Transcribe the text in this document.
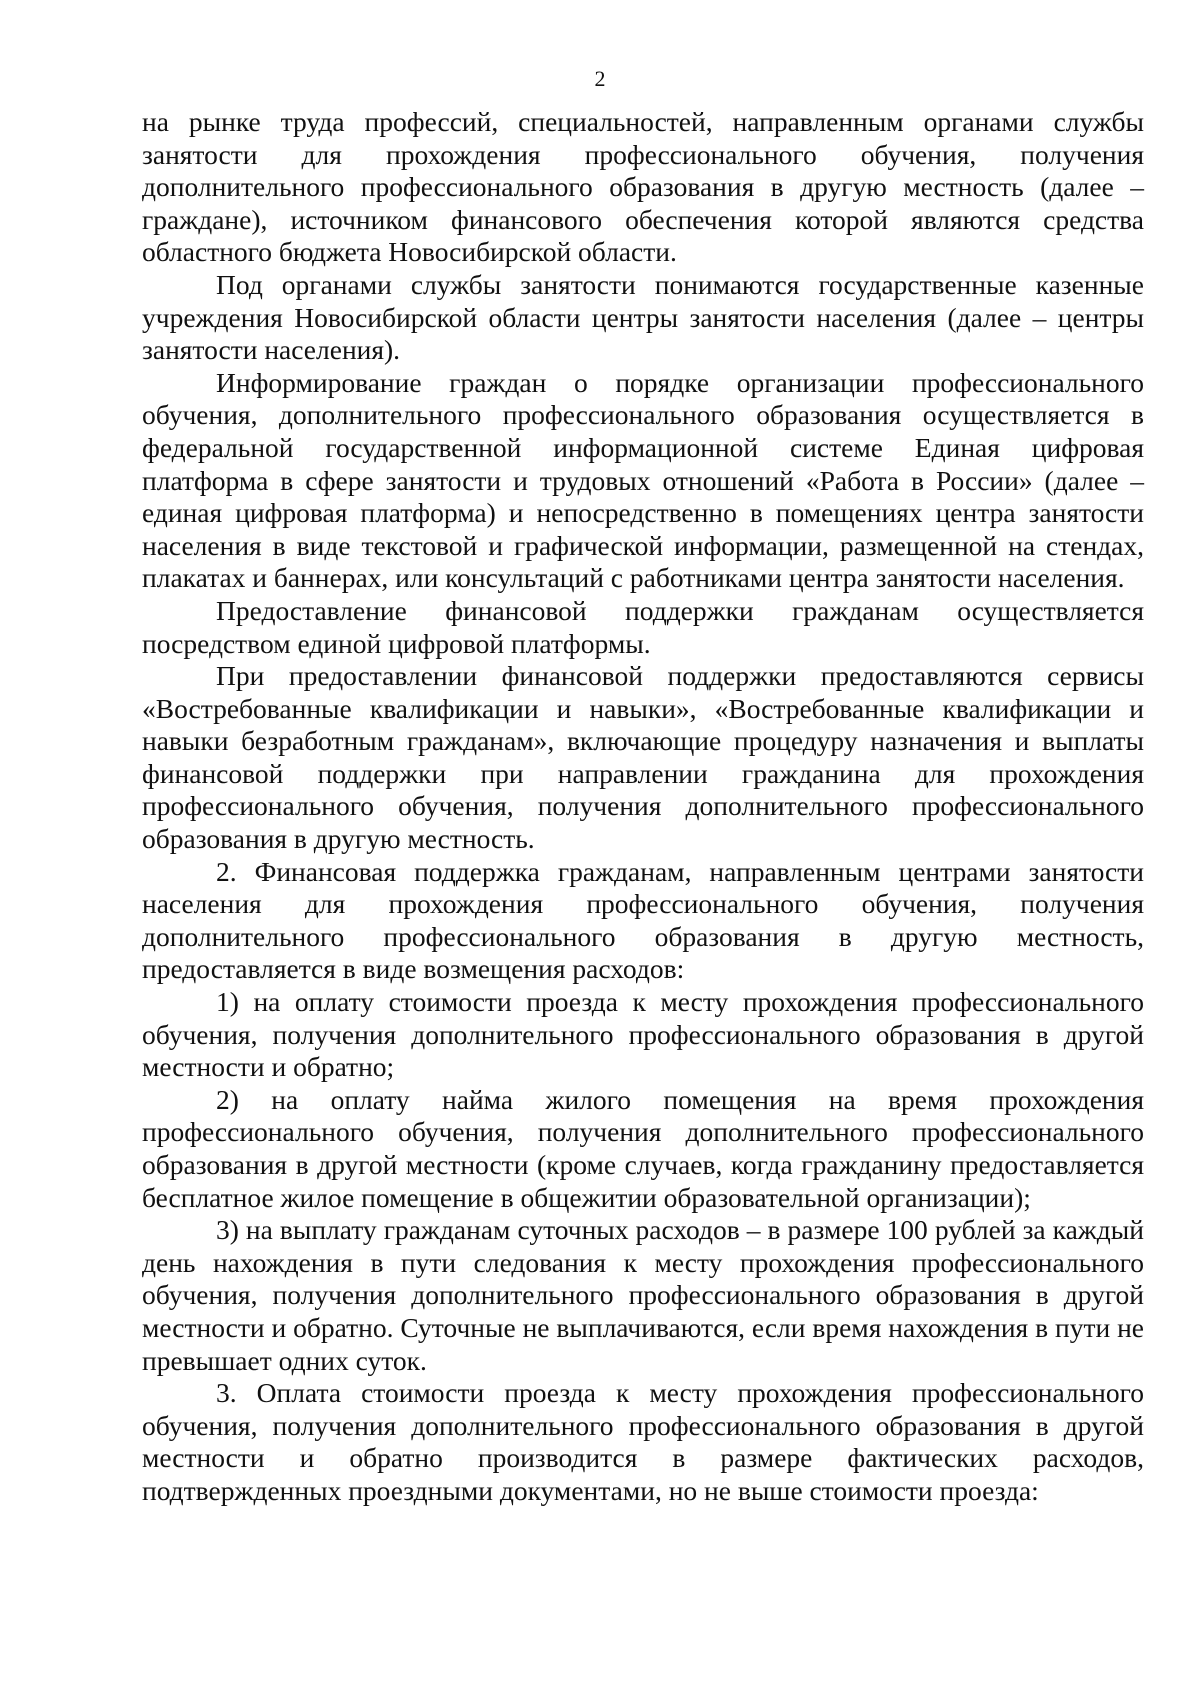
2

на рынке труда профессий, специальностей, направленным органами службы занятости для прохождения профессионального обучения, получения дополнительного профессионального образования в другую местность (далее – граждане), источником финансового обеспечения которой являются средства областного бюджета Новосибирской области.

Под органами службы занятости понимаются государственные казенные учреждения Новосибирской области центры занятости населения (далее – центры занятости населения).

Информирование граждан о порядке организации профессионального обучения, дополнительного профессионального образования осуществляется в федеральной государственной информационной системе Единая цифровая платформа в сфере занятости и трудовых отношений «Работа в России» (далее – единая цифровая платформа) и непосредственно в помещениях центра занятости населения в виде текстовой и графической информации, размещенной на стендах, плакатах и баннерах, или консультаций с работниками центра занятости населения.

Предоставление финансовой поддержки гражданам осуществляется посредством единой цифровой платформы.

При предоставлении финансовой поддержки предоставляются сервисы «Востребованные квалификации и навыки», «Востребованные квалификации и навыки безработным гражданам», включающие процедуру назначения и выплаты финансовой поддержки при направлении гражданина для прохождения профессионального обучения, получения дополнительного профессионального образования в другую местность.

2. Финансовая поддержка гражданам, направленным центрами занятости населения для прохождения профессионального обучения, получения дополнительного профессионального образования в другую местность, предоставляется в виде возмещения расходов:

1) на оплату стоимости проезда к месту прохождения профессионального обучения, получения дополнительного профессионального образования в другой местности и обратно;

2) на оплату найма жилого помещения на время прохождения профессионального обучения, получения дополнительного профессионального образования в другой местности (кроме случаев, когда гражданину предоставляется бесплатное жилое помещение в общежитии образовательной организации);

3) на выплату гражданам суточных расходов – в размере 100 рублей за каждый день нахождения в пути следования к месту прохождения профессионального обучения, получения дополнительного профессионального образования в другой местности и обратно. Суточные не выплачиваются, если время нахождения в пути не превышает одних суток.

3. Оплата стоимости проезда к месту прохождения профессионального обучения, получения дополнительного профессионального образования в другой местности и обратно производится в размере фактических расходов, подтвержденных проездными документами, но не выше стоимости проезда:
